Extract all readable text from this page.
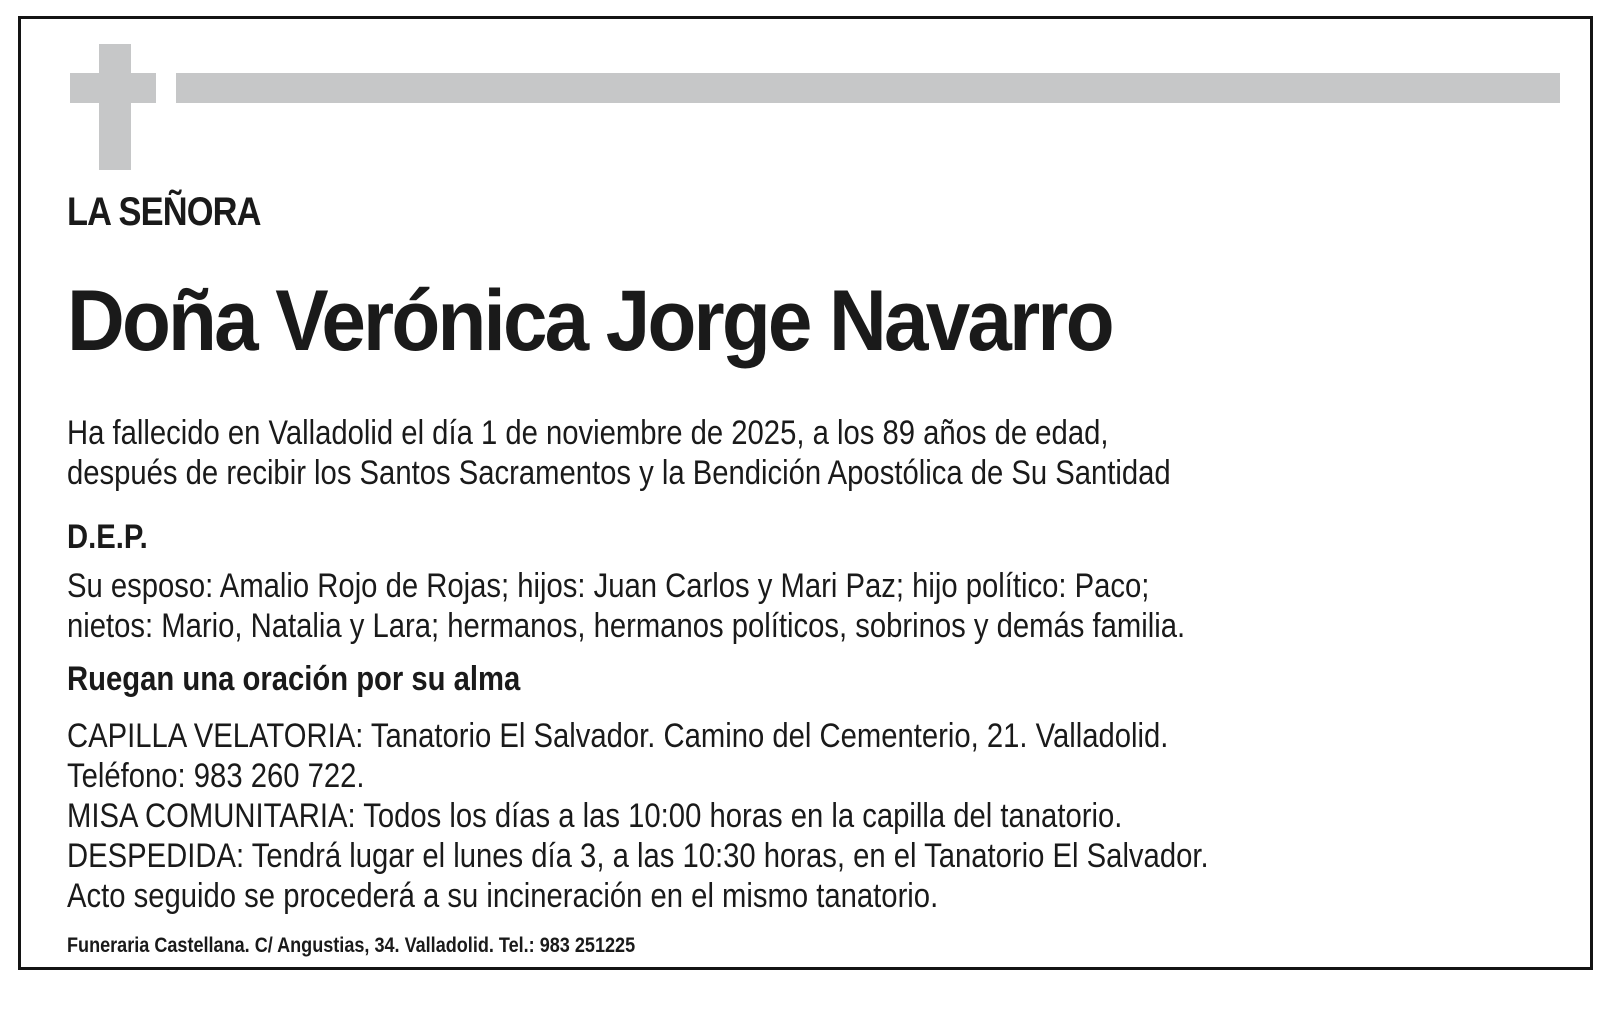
LA SEÑORA
Doña Verónica Jorge Navarro
Ha fallecido en Valladolid el día 1 de noviembre de 2025, a los 89 años de edad,
después de recibir los Santos Sacramentos y la Bendición Apostólica de Su Santidad
D.E.P.
Su esposo: Amalio Rojo de Rojas; hijos: Juan Carlos y Mari Paz; hijo político: Paco;
nietos: Mario, Natalia y Lara; hermanos, hermanos políticos, sobrinos y demás familia.
Ruegan una oración por su alma
CAPILLA VELATORIA: Tanatorio El Salvador. Camino del Cementerio, 21. Valladolid.
Teléfono: 983 260 722.
MISA COMUNITARIA: Todos los días a las 10:00 horas en la capilla del tanatorio.
DESPEDIDA: Tendrá lugar el lunes día 3, a las 10:30 horas, en el Tanatorio El Salvador.
Acto seguido se procederá a su incineración en el mismo tanatorio.
Funeraria Castellana. C/ Angustias, 34. Valladolid. Tel.: 983 251225
